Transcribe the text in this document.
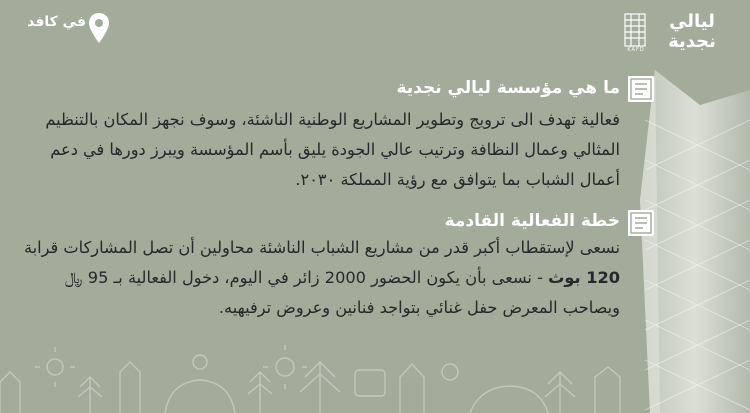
في كافد
KAFD
ليالي نجدية
ما هي مؤسسة ليالي نجدية
فعالية تهدف الى ترويج وتطوير المشاريع الوطنية الناشئة، وسوف نجهز المكان بالتنظيم المثالي وعمال النظافة وترتيب عالي الجودة يليق بأسم المؤسسة ويبرز دورها في دعم أعمال الشباب بما يتوافق مع رؤية المملكة ٢٠٣٠.
خطة الفعالية القادمة
نسعى لإستقطاب أكبر قدر من مشاريع الشباب الناشئة محاولين أن تصل المشاركات قرابة 120 بوث - نسعى بأن يكون الحضور 2000 زائر في اليوم، دخول الفعالية بـ 95 ﷼ ويصاحب المعرض حفل غنائي بتواجد فنانين وعروض ترفيهيه.
